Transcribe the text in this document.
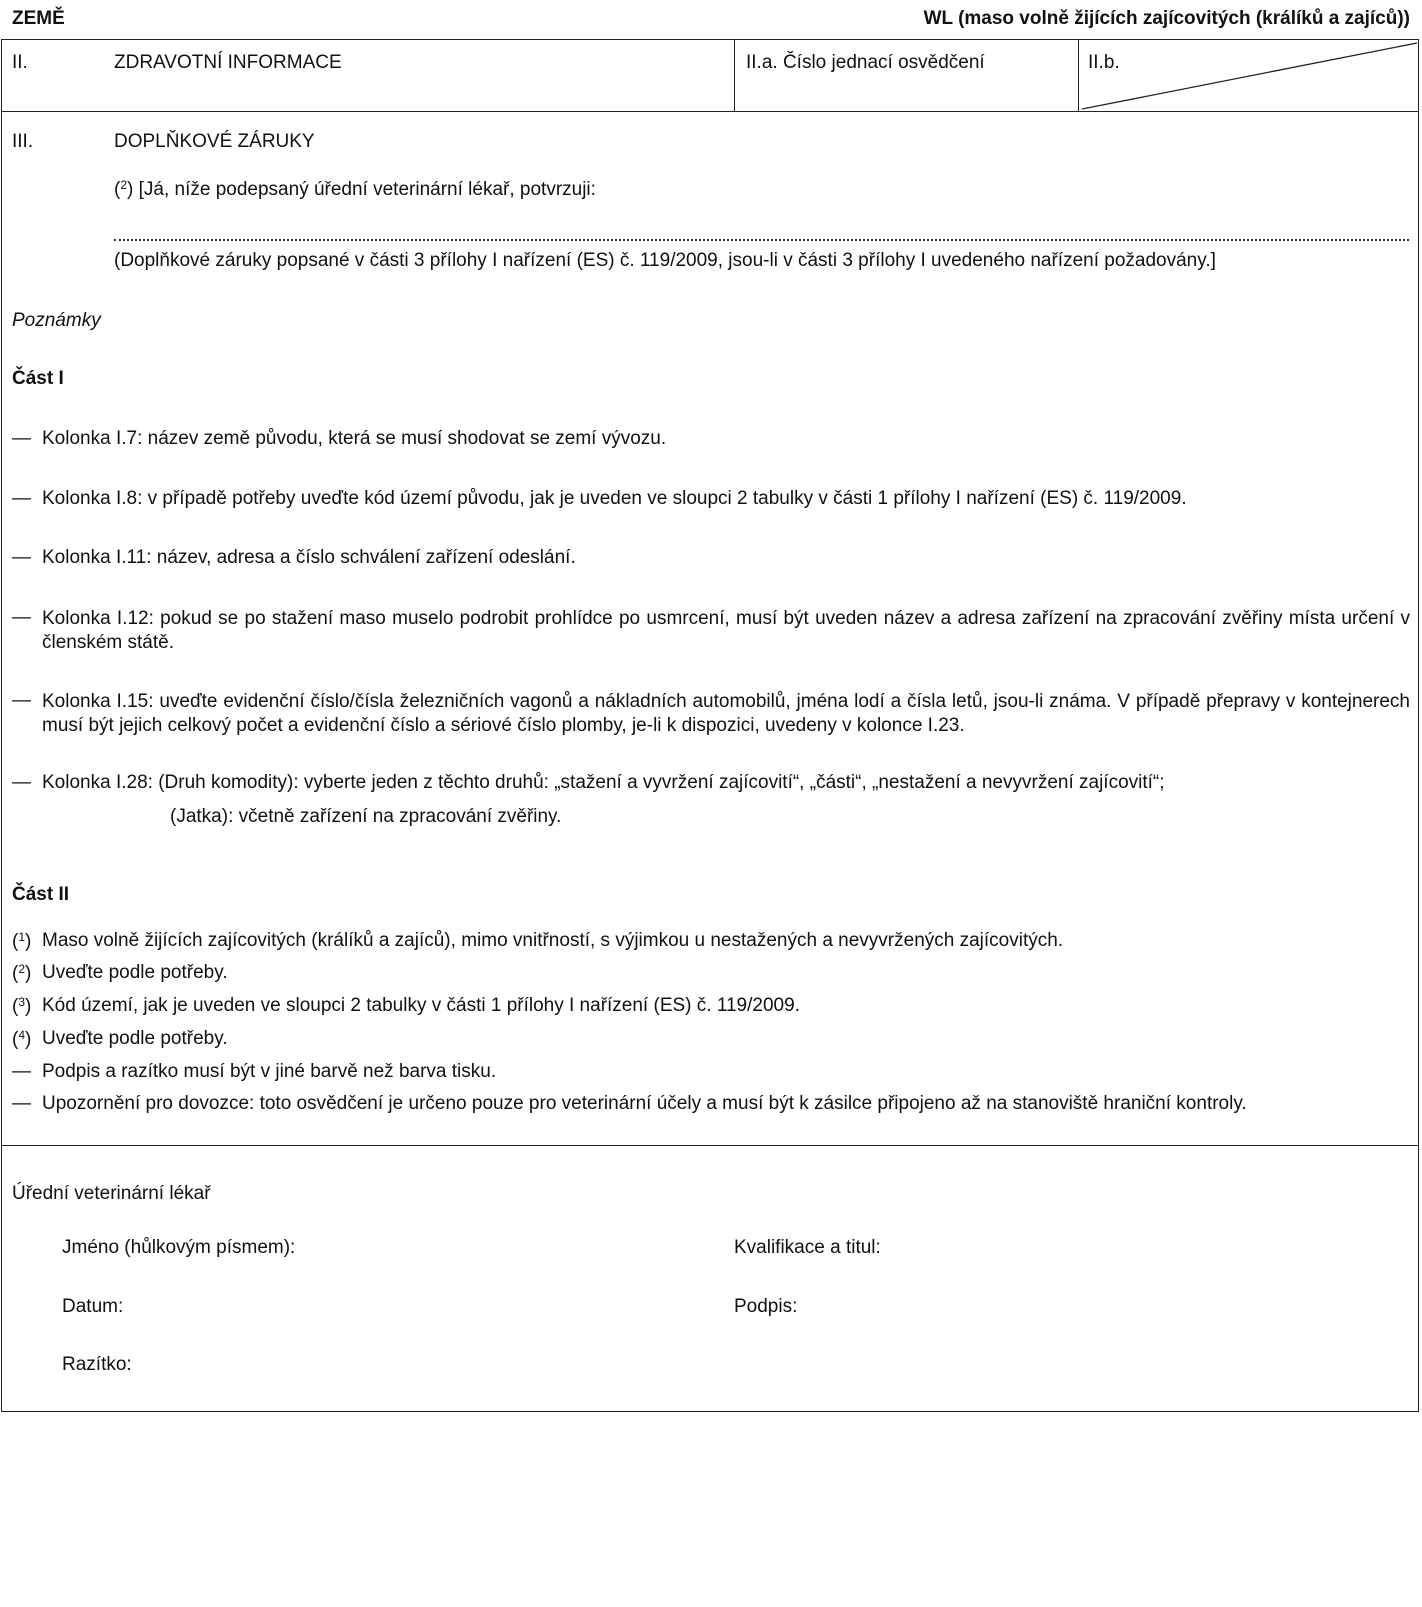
ZEMĚ	WL (maso volně žijících zajícovitých (králíků a zajíců))
II.	ZDRAVOTNÍ INFORMACE	II.a. Číslo jednací osvědčení	II.b.
III.	DOPLŇKOVÉ ZÁRUKY
($^2$) [Já, níže podepsaný úřední veterinární lékař, potvrzuji:
(Doplňkové záruky popsané v části 3 přílohy I nařízení (ES) č. 119/2009, jsou-li v části 3 přílohy I uvedeného nařízení požadovány.]
Poznámky
Část I
— Kolonka I.7: název země původu, která se musí shodovat se zemí vývozu.
— Kolonka I.8: v případě potřeby uveďte kód území původu, jak je uveden ve sloupci 2 tabulky v části 1 přílohy I nařízení (ES) č. 119/2009.
— Kolonka I.11: název, adresa a číslo schválení zařízení odeslání.
— Kolonka I.12: pokud se po stažení maso muselo podrobit prohlídce po usmrcení, musí být uveden název a adresa zařízení na zpracování zvěřiny místa určení v členském státě.
— Kolonka I.15: uveďte evidenční číslo/čísla železničních vagonů a nákladních automobilů, jména lodí a čísla letů, jsou-li známa. V případě přepravy v kontejnerech musí být jejich celkový počet a evidenční číslo a sériové číslo plomby, je-li k dispozici, uvedeny v kolonce I.23.
— Kolonka I.28: (Druh komodity): vyberte jeden z těchto druhů: „stažení a vyvržení zajícovití“, „části“, „nestažení a nevyvržení zajícovití“;
(Jatka): včetně zařízení na zpracování zvěřiny.
Část II
($^1$) Maso volně žijících zajícovitých (králíků a zajíců), mimo vnitřností, s výjimkou u nestažených a nevyvržených zajícovitých.
($^2$) Uveďte podle potřeby.
($^3$) Kód území, jak je uveden ve sloupci 2 tabulky v části 1 přílohy I nařízení (ES) č. 119/2009.
($^4$) Uveďte podle potřeby.
— Podpis a razítko musí být v jiné barvě než barva tisku.
— Upozornění pro dovozce: toto osvědčení je určeno pouze pro veterinární účely a musí být k zásilce připojeno až na stanoviště hraniční kontroly.
Úřední veterinární lékař
Jméno (hůlkovým písmem):	Kvalifikace a titul:
Datum:	Podpis:
Razítko:
